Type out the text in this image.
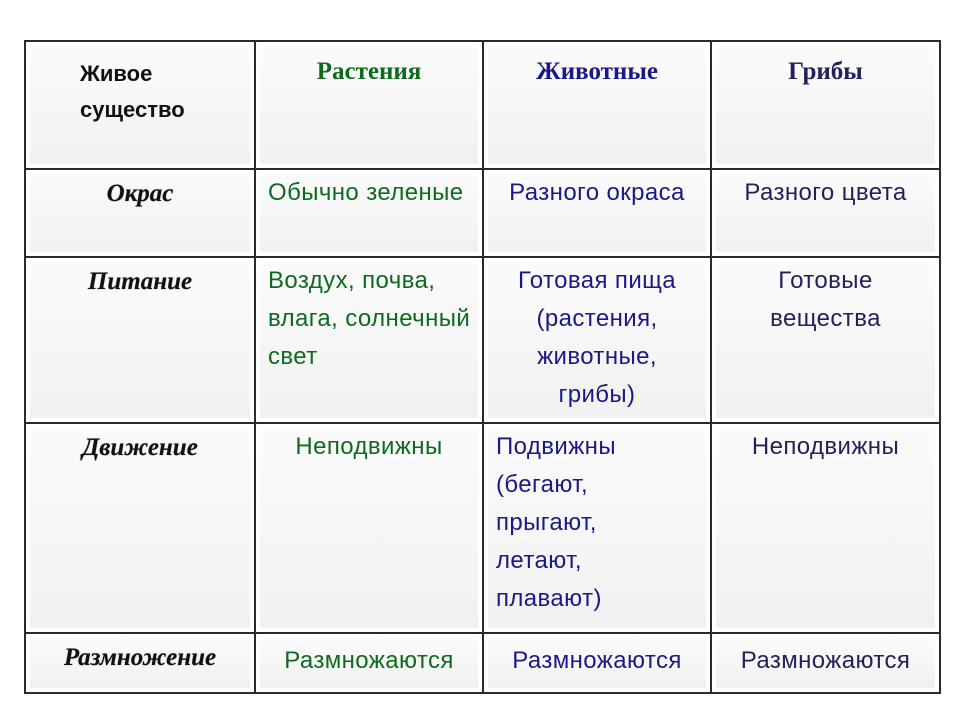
Живое существо	Растения	Животные	Грибы

Окрас	Обычно зеленые	Разного окраса	Разного цвета

Питание	Воздух, почва, влага, солнечный свет	Готовая пища (растения, животные, грибы)	Готовые вещества

Движение	Неподвижны	Подвижны (бегают, прыгают, летают, плавают)	Неподвижны

Размножение	Размножаются	Размножаются	Размножаются
